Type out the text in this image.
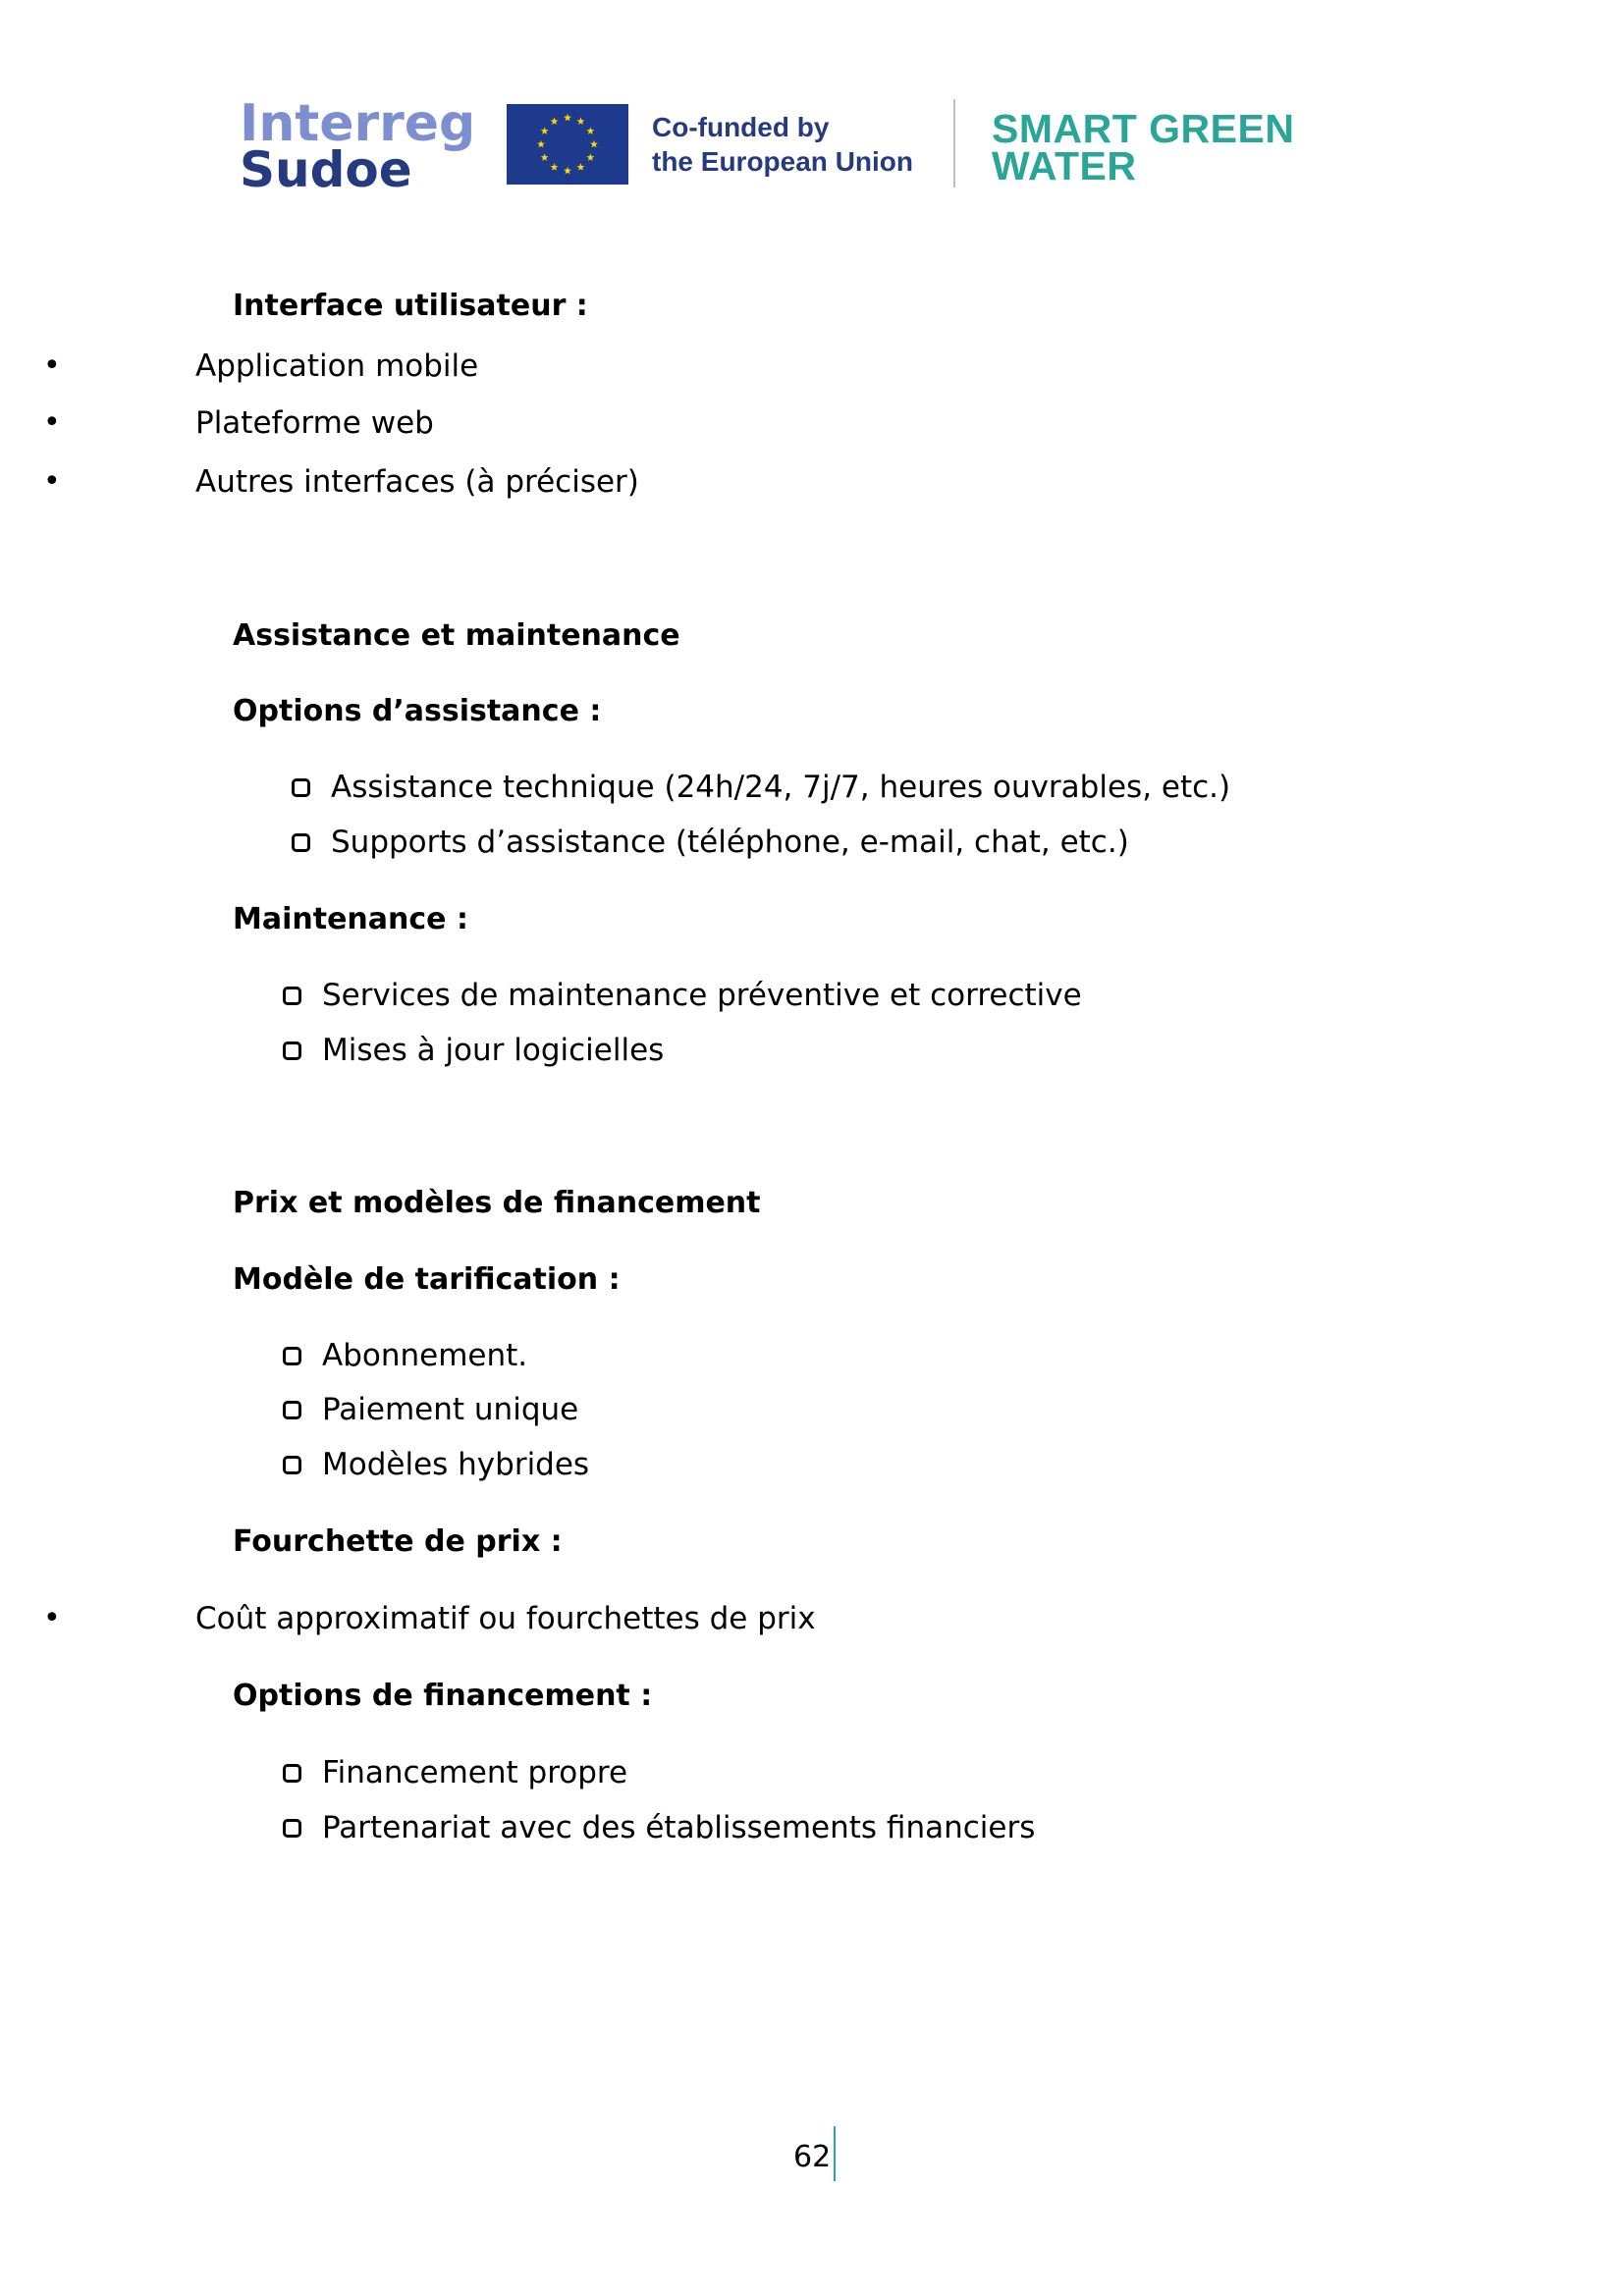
Interreg
Sudoe
Co-funded by
the European Union
SMART GREEN
WATER
Interface utilisateur :
•	Application mobile
•	Plateforme web
•	Autres interfaces (à préciser)
Assistance et maintenance
Options d’assistance :
Assistance technique (24h/24, 7j/7, heures ouvrables, etc.)
Supports d’assistance (téléphone, e-mail, chat, etc.)
Maintenance :
Services de maintenance préventive et corrective
Mises à jour logicielles
Prix et modèles de financement
Modèle de tarification :
Abonnement.
Paiement unique
Modèles hybrides
Fourchette de prix :
•	Coût approximatif ou fourchettes de prix
Options de financement :
Financement propre
Partenariat avec des établissements financiers
62
